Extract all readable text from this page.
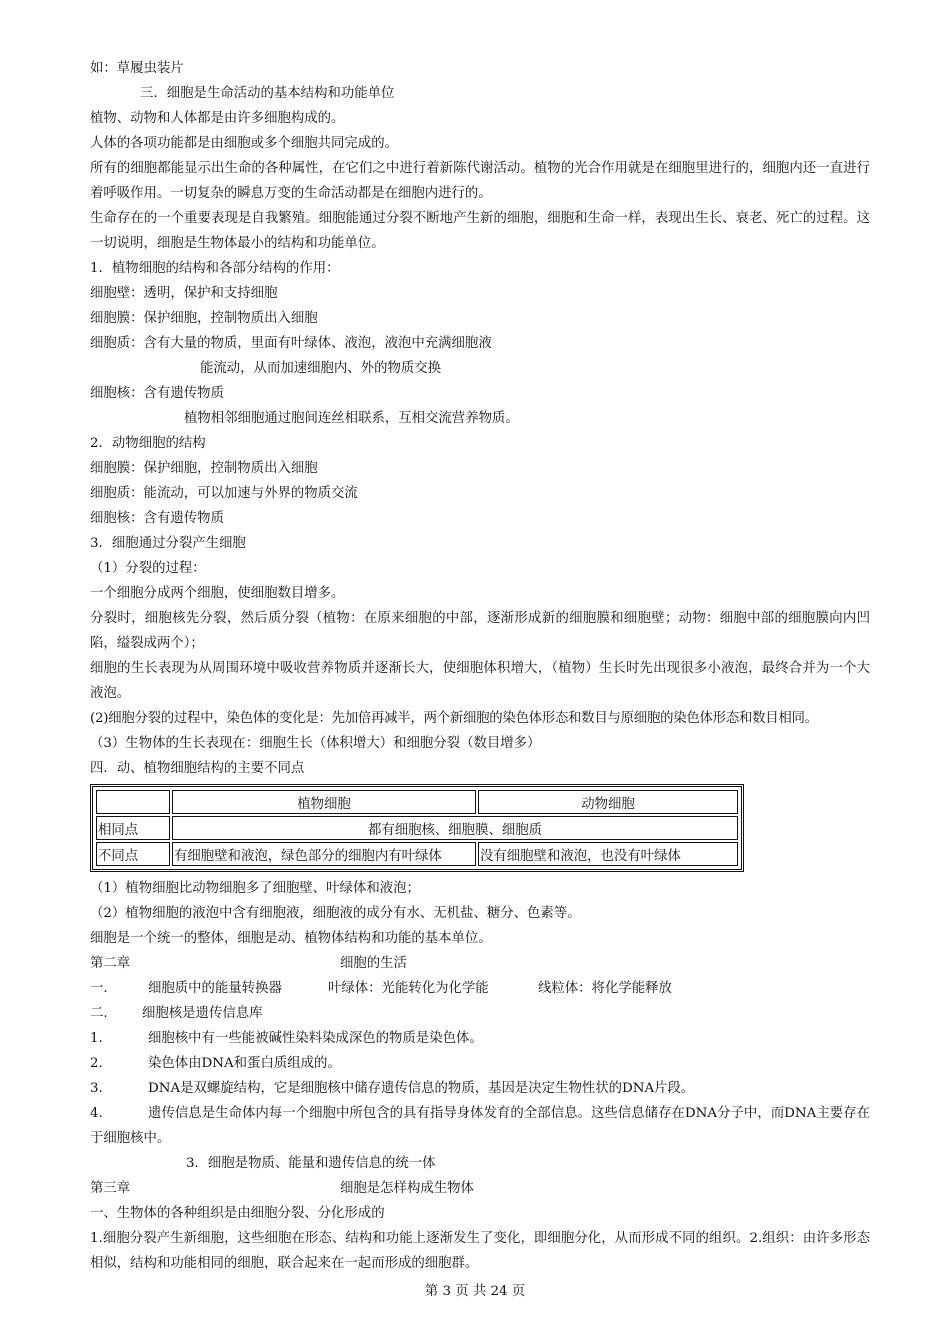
如：草履虫装片
三．细胞是生命活动的基本结构和功能单位
植物、动物和人体都是由许多细胞构成的。
人体的各项功能都是由细胞或多个细胞共同完成的。
所有的细胞都能显示出生命的各种属性，在它们之中进行着新陈代谢活动。植物的光合作用就是在细胞里进行的，细胞内还一直进行着呼吸作用。一切复杂的瞬息万变的生命活动都是在细胞内进行的。
生命存在的一个重要表现是自我繁殖。细胞能通过分裂不断地产生新的细胞，细胞和生命一样，表现出生长、衰老、死亡的过程。这一切说明，细胞是生物体最小的结构和功能单位。
1．植物细胞的结构和各部分结构的作用：
细胞壁：透明，保护和支持细胞
细胞膜：保护细胞，控制物质出入细胞
细胞质：含有大量的物质，里面有叶绿体、液泡，液泡中充满细胞液
能流动，从而加速细胞内、外的物质交换
细胞核：含有遗传物质
植物相邻细胞通过胞间连丝相联系，互相交流营养物质。
2．动物细胞的结构
细胞膜：保护细胞，控制物质出入细胞
细胞质：能流动，可以加速与外界的物质交流
细胞核：含有遗传物质
3．细胞通过分裂产生细胞
（1）分裂的过程：
一个细胞分成两个细胞，使细胞数目增多。
分裂时，细胞核先分裂，然后质分裂（植物：在原来细胞的中部，逐渐形成新的细胞膜和细胞壁；动物：细胞中部的细胞膜向内凹陷，缢裂成两个）；
细胞的生长表现为从周围环境中吸收营养物质并逐渐长大，使细胞体积增大，（植物）生长时先出现很多小液泡，最终合并为一个大液泡。
(2)细胞分裂的过程中，染色体的变化是：先加倍再减半，两个新细胞的染色体形态和数目与原细胞的染色体形态和数目相同。
（3）生物体的生长表现在：细胞生长（体积增大）和细胞分裂（数目增多）
四．动、植物细胞结构的主要不同点
	植物细胞	动物细胞
相同点	都有细胞核、细胞膜、细胞质	
不同点	有细胞壁和液泡，绿色部分的细胞内有叶绿体	没有细胞壁和液泡，也没有叶绿体
（1）植物细胞比动物细胞多了细胞壁、叶绿体和液泡；
（2）植物细胞的液泡中含有细胞液，细胞液的成分有水、无机盐、糖分、色素等。
细胞是一个统一的整体，细胞是动、植物体结构和功能的基本单位。
第二章	细胞的生活
一.	细胞质中的能量转换器	叶绿体：光能转化为化学能	线粒体：将化学能释放
二.	细胞核是遗传信息库
1.	细胞核中有一些能被碱性染料染成深色的物质是染色体。
2.	染色体由DNA和蛋白质组成的。
3.	DNA是双螺旋结构，它是细胞核中储存遗传信息的物质，基因是决定生物性状的DNA片段。
4.	遗传信息是生命体内每一个细胞中所包含的具有指导身体发育的全部信息。这些信息储存在DNA分子中，而DNA主要存在于细胞核中。
3．细胞是物质、能量和遗传信息的统一体
第三章	细胞是怎样构成生物体
一、生物体的各种组织是由细胞分裂、分化形成的
1.细胞分裂产生新细胞，这些细胞在形态、结构和功能上逐渐发生了变化，即细胞分化，从而形成不同的组织。2.组织：由许多形态相似，结构和功能相同的细胞，联合起来在一起而形成的细胞群。
第 3 页 共 24 页
